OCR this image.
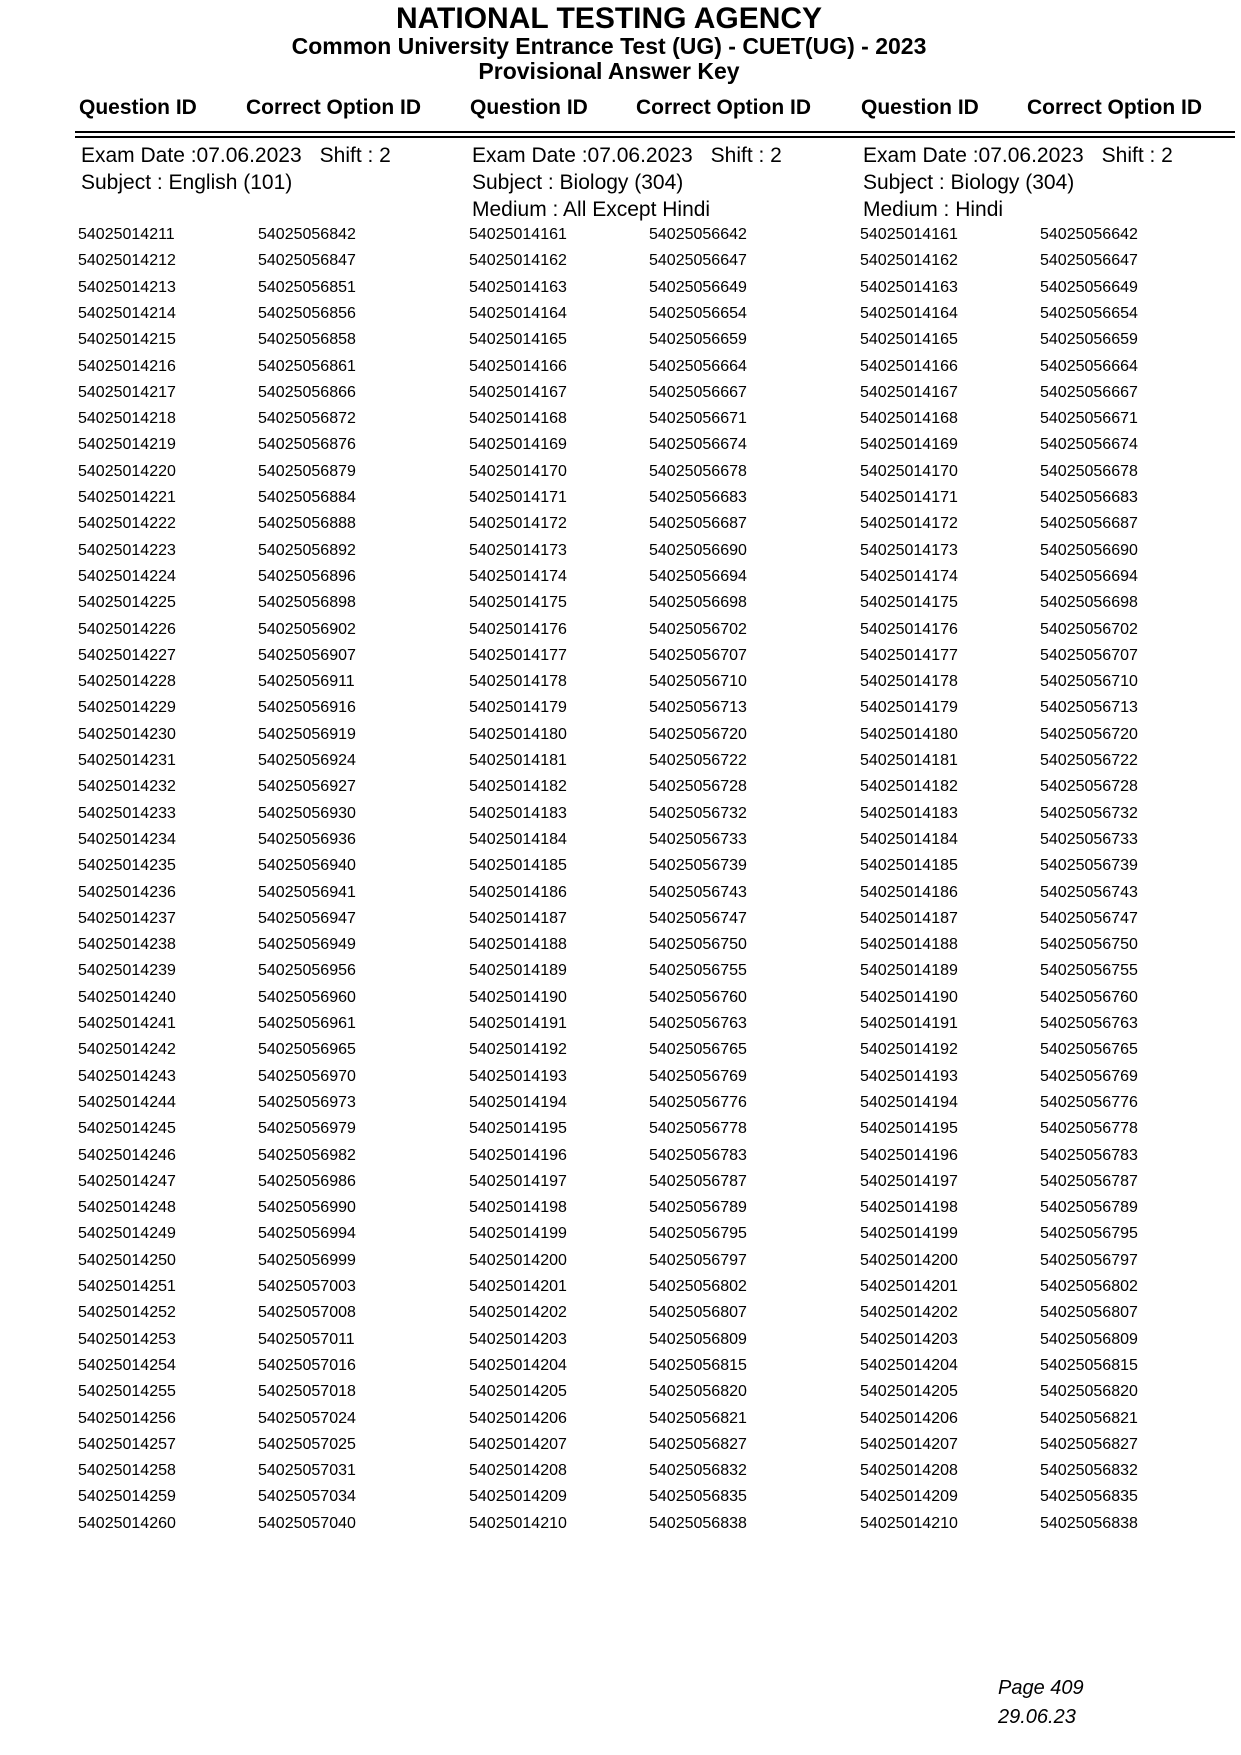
NATIONAL TESTING AGENCY
Common University Entrance Test (UG) - CUET(UG) - 2023
Provisional Answer Key
Question ID Correct Option ID Question ID Correct Option ID Question ID Correct Option ID
Exam Date :07.06.2023 Shift : 2
Subject : English (101)
Exam Date :07.06.2023 Shift : 2
Subject : Biology (304)
Medium : All Except Hindi
Exam Date :07.06.2023 Shift : 2
Subject : Biology (304)
Medium : Hindi
54025014211	54025056842
54025014212	54025056847
54025014213	54025056851
54025014214	54025056856
54025014215	54025056858
54025014216	54025056861
54025014217	54025056866
54025014218	54025056872
54025014219	54025056876
54025014220	54025056879
54025014221	54025056884
54025014222	54025056888
54025014223	54025056892
54025014224	54025056896
54025014225	54025056898
54025014226	54025056902
54025014227	54025056907
54025014228	54025056911
54025014229	54025056916
54025014230	54025056919
54025014231	54025056924
54025014232	54025056927
54025014233	54025056930
54025014234	54025056936
54025014235	54025056940
54025014236	54025056941
54025014237	54025056947
54025014238	54025056949
54025014239	54025056956
54025014240	54025056960
54025014241	54025056961
54025014242	54025056965
54025014243	54025056970
54025014244	54025056973
54025014245	54025056979
54025014246	54025056982
54025014247	54025056986
54025014248	54025056990
54025014249	54025056994
54025014250	54025056999
54025014251	54025057003
54025014252	54025057008
54025014253	54025057011
54025014254	54025057016
54025014255	54025057018
54025014256	54025057024
54025014257	54025057025
54025014258	54025057031
54025014259	54025057034
54025014260	54025057040
54025014161	54025056642
54025014162	54025056647
54025014163	54025056649
54025014164	54025056654
54025014165	54025056659
54025014166	54025056664
54025014167	54025056667
54025014168	54025056671
54025014169	54025056674
54025014170	54025056678
54025014171	54025056683
54025014172	54025056687
54025014173	54025056690
54025014174	54025056694
54025014175	54025056698
54025014176	54025056702
54025014177	54025056707
54025014178	54025056710
54025014179	54025056713
54025014180	54025056720
54025014181	54025056722
54025014182	54025056728
54025014183	54025056732
54025014184	54025056733
54025014185	54025056739
54025014186	54025056743
54025014187	54025056747
54025014188	54025056750
54025014189	54025056755
54025014190	54025056760
54025014191	54025056763
54025014192	54025056765
54025014193	54025056769
54025014194	54025056776
54025014195	54025056778
54025014196	54025056783
54025014197	54025056787
54025014198	54025056789
54025014199	54025056795
54025014200	54025056797
54025014201	54025056802
54025014202	54025056807
54025014203	54025056809
54025014204	54025056815
54025014205	54025056820
54025014206	54025056821
54025014207	54025056827
54025014208	54025056832
54025014209	54025056835
54025014210	54025056838
54025014161	54025056642
54025014162	54025056647
54025014163	54025056649
54025014164	54025056654
54025014165	54025056659
54025014166	54025056664
54025014167	54025056667
54025014168	54025056671
54025014169	54025056674
54025014170	54025056678
54025014171	54025056683
54025014172	54025056687
54025014173	54025056690
54025014174	54025056694
54025014175	54025056698
54025014176	54025056702
54025014177	54025056707
54025014178	54025056710
54025014179	54025056713
54025014180	54025056720
54025014181	54025056722
54025014182	54025056728
54025014183	54025056732
54025014184	54025056733
54025014185	54025056739
54025014186	54025056743
54025014187	54025056747
54025014188	54025056750
54025014189	54025056755
54025014190	54025056760
54025014191	54025056763
54025014192	54025056765
54025014193	54025056769
54025014194	54025056776
54025014195	54025056778
54025014196	54025056783
54025014197	54025056787
54025014198	54025056789
54025014199	54025056795
54025014200	54025056797
54025014201	54025056802
54025014202	54025056807
54025014203	54025056809
54025014204	54025056815
54025014205	54025056820
54025014206	54025056821
54025014207	54025056827
54025014208	54025056832
54025014209	54025056835
54025014210	54025056838
Page 409
29.06.23
